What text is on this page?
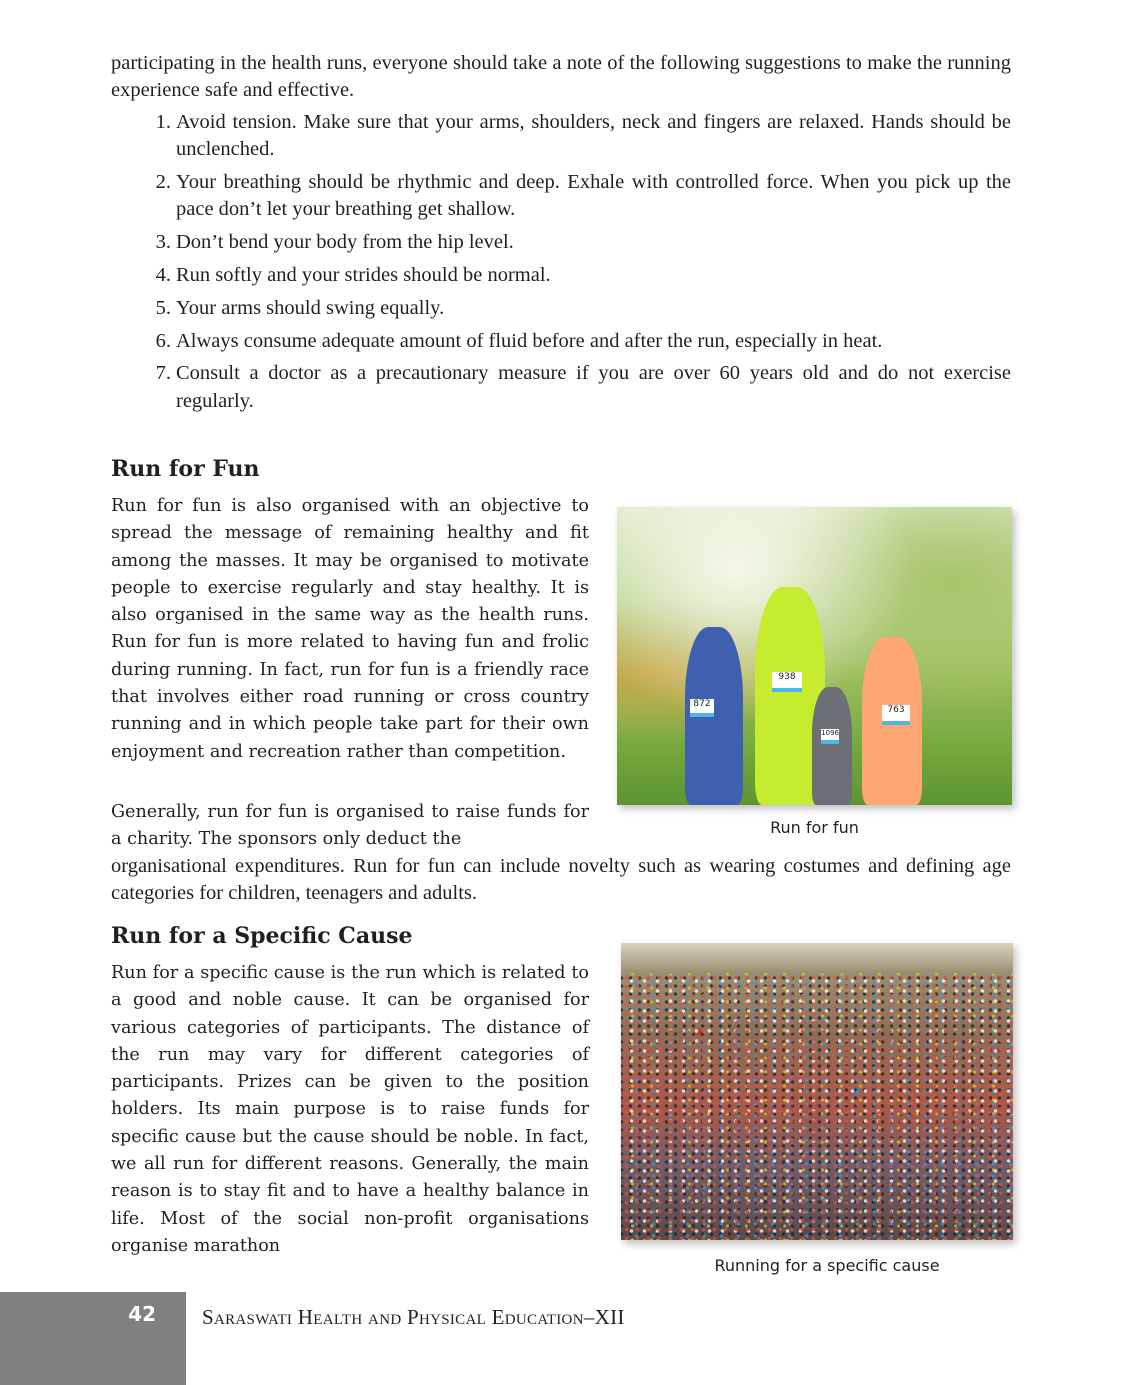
participating in the health runs, everyone should take a note of the following suggestions to make the running experience safe and effective.
1. Avoid tension. Make sure that your arms, shoulders, neck and fingers are relaxed. Hands should be unclenched.
2. Your breathing should be rhythmic and deep. Exhale with controlled force. When you pick up the pace don’t let your breathing get shallow.
3. Don’t bend your body from the hip level.
4. Run softly and your strides should be normal.
5. Your arms should swing equally.
6. Always consume adequate amount of fluid before and after the run, especially in heat.
7. Consult a doctor as a precautionary measure if you are over 60 years old and do not exercise regularly.
Run for Fun

Run for fun is also organised with an objective to spread the message of remaining healthy and fit among the masses. It may be organised to motivate people to exercise regularly and stay healthy. It is also organised in the same way as the health runs. Run for fun is more related to having fun and frolic during running. In fact, run for fun is a friendly race that involves either road running or cross country running and in which people take part for their own enjoyment and recreation rather than competition.

Generally, run for fun is organised to raise funds for a charity. The sponsors only deduct the

organisational expenditures. Run for fun can include novelty such as wearing costumes and defining age categories for children, teenagers and adults.
872
938
1096
763
Run for fun
Run for a Specific Cause

Run for a specific cause is the run which is related to a good and noble cause. It can be organised for various categories of participants. The distance of the run may vary for different categories of participants. Prizes can be given to the position holders. Its main purpose is to raise funds for specific cause but the cause should be noble. In fact, we all run for different reasons. Generally, the main reason is to stay fit and to have a healthy balance in life. Most of the social non-profit organisations organise marathon

Running for a specific cause
42 Saraswati Health and Physical Education–XII
